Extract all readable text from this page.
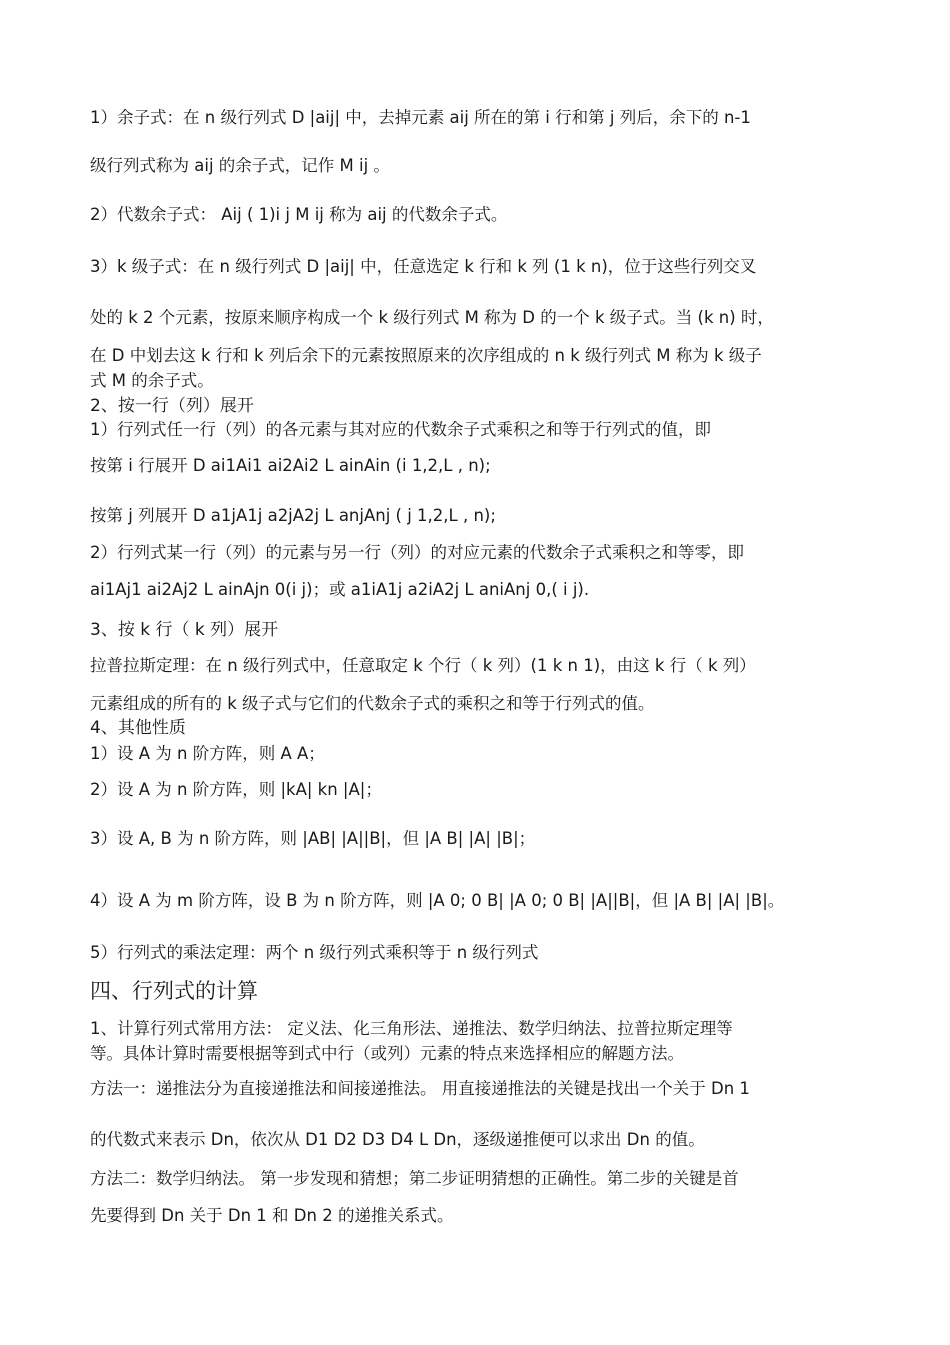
1）余子式：在 n 级行列式 D |aij| 中，去掉元素 aij 所在的第 i 行和第 j 列后，余下的 n-1
级行列式称为 aij 的余子式，记作 M ij 。
2）代数余子式： Aij ( 1)i j M ij 称为 aij 的代数余子式。
3）k 级子式：在 n 级行列式 D |aij| 中，任意选定 k 行和 k 列 (1 k n)，位于这些行列交叉
处的 k 2 个元素，按原来顺序构成一个 k 级行列式 M 称为 D 的一个 k 级子式。当 (k n) 时，
在 D 中划去这 k 行和 k 列后余下的元素按照原来的次序组成的 n k 级行列式 M 称为 k 级子
式 M 的余子式。
2、按一行（列）展开
1）行列式任一行（列）的各元素与其对应的代数余子式乘积之和等于行列式的值，即
按第 i 行展开 D ai1Ai1 ai2Ai2 L ainAin (i 1,2,L , n);
按第 j 列展开 D a1jA1j a2jA2j L anjAnj ( j 1,2,L , n);
2）行列式某一行（列）的元素与另一行（列）的对应元素的代数余子式乘积之和等零，即
ai1Aj1 ai2Aj2 L ainAjn 0(i j)；或 a1iA1j a2iA2j L aniAnj 0,( i j).
3、按 k 行（ k 列）展开
拉普拉斯定理：在 n 级行列式中，任意取定 k 个行（ k 列）(1 k n 1)，由这 k 行（ k 列）
元素组成的所有的 k 级子式与它们的代数余子式的乘积之和等于行列式的值。
4、其他性质
1）设 A 为 n 阶方阵，则 A A；
2）设 A 为 n 阶方阵，则 |kA| kn |A|；
3）设 A, B 为 n 阶方阵，则 |AB| |A||B|，但 |A B| |A| |B|；
4）设 A 为 m 阶方阵，设 B 为 n 阶方阵，则 |A 0; 0 B| |A 0; 0 B| |A||B|，但 |A B| |A| |B|。
5）行列式的乘法定理：两个 n 级行列式乘积等于 n 级行列式
四、行列式的计算
1、计算行列式常用方法： 定义法、化三角形法、递推法、数学归纳法、拉普拉斯定理等
等。具体计算时需要根据等到式中行（或列）元素的特点来选择相应的解题方法。
方法一：递推法分为直接递推法和间接递推法。 用直接递推法的关键是找出一个关于 Dn 1
的代数式来表示 Dn，依次从 D1 D2 D3 D4 L Dn，逐级递推便可以求出 Dn 的值。
方法二：数学归纳法。 第一步发现和猜想；第二步证明猜想的正确性。第二步的关键是首
先要得到 Dn 关于 Dn 1 和 Dn 2 的递推关系式。
